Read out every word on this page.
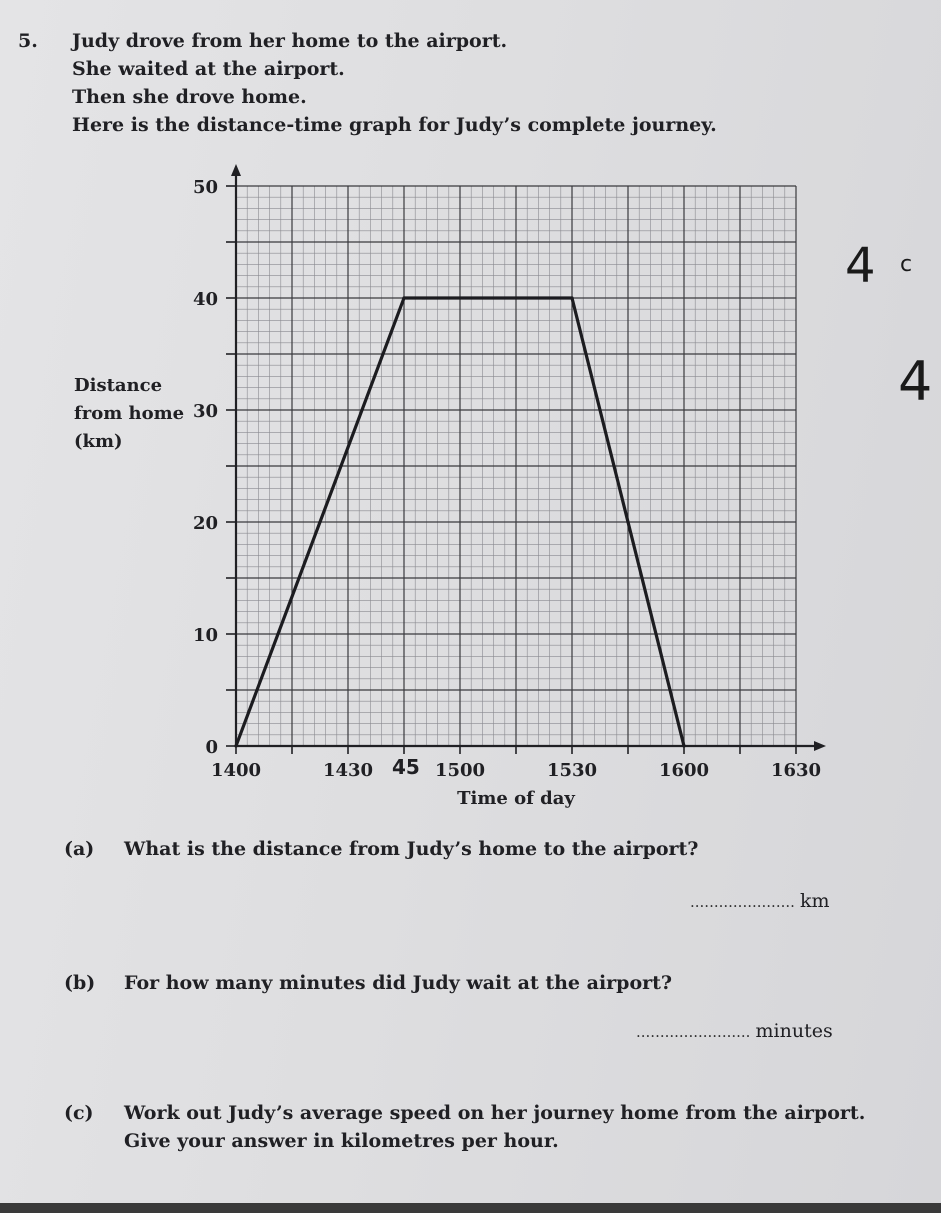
5. Judy drove from her home to the airport.
She waited at the airport.
Then she drove home.
Here is the distance-time graph for Judy’s complete journey.
Distance
from home
(km)
0
10
20
30
40
50
1400	1430	1500	1530	1600	1630
45
Time of day
4 c
4
(a) What is the distance from Judy’s home to the airport?
...................... km
(b) For how many minutes did Judy wait at the airport?
........................ minutes
(c) Work out Judy’s average speed on her journey home from the airport.
Give your answer in kilometres per hour.
